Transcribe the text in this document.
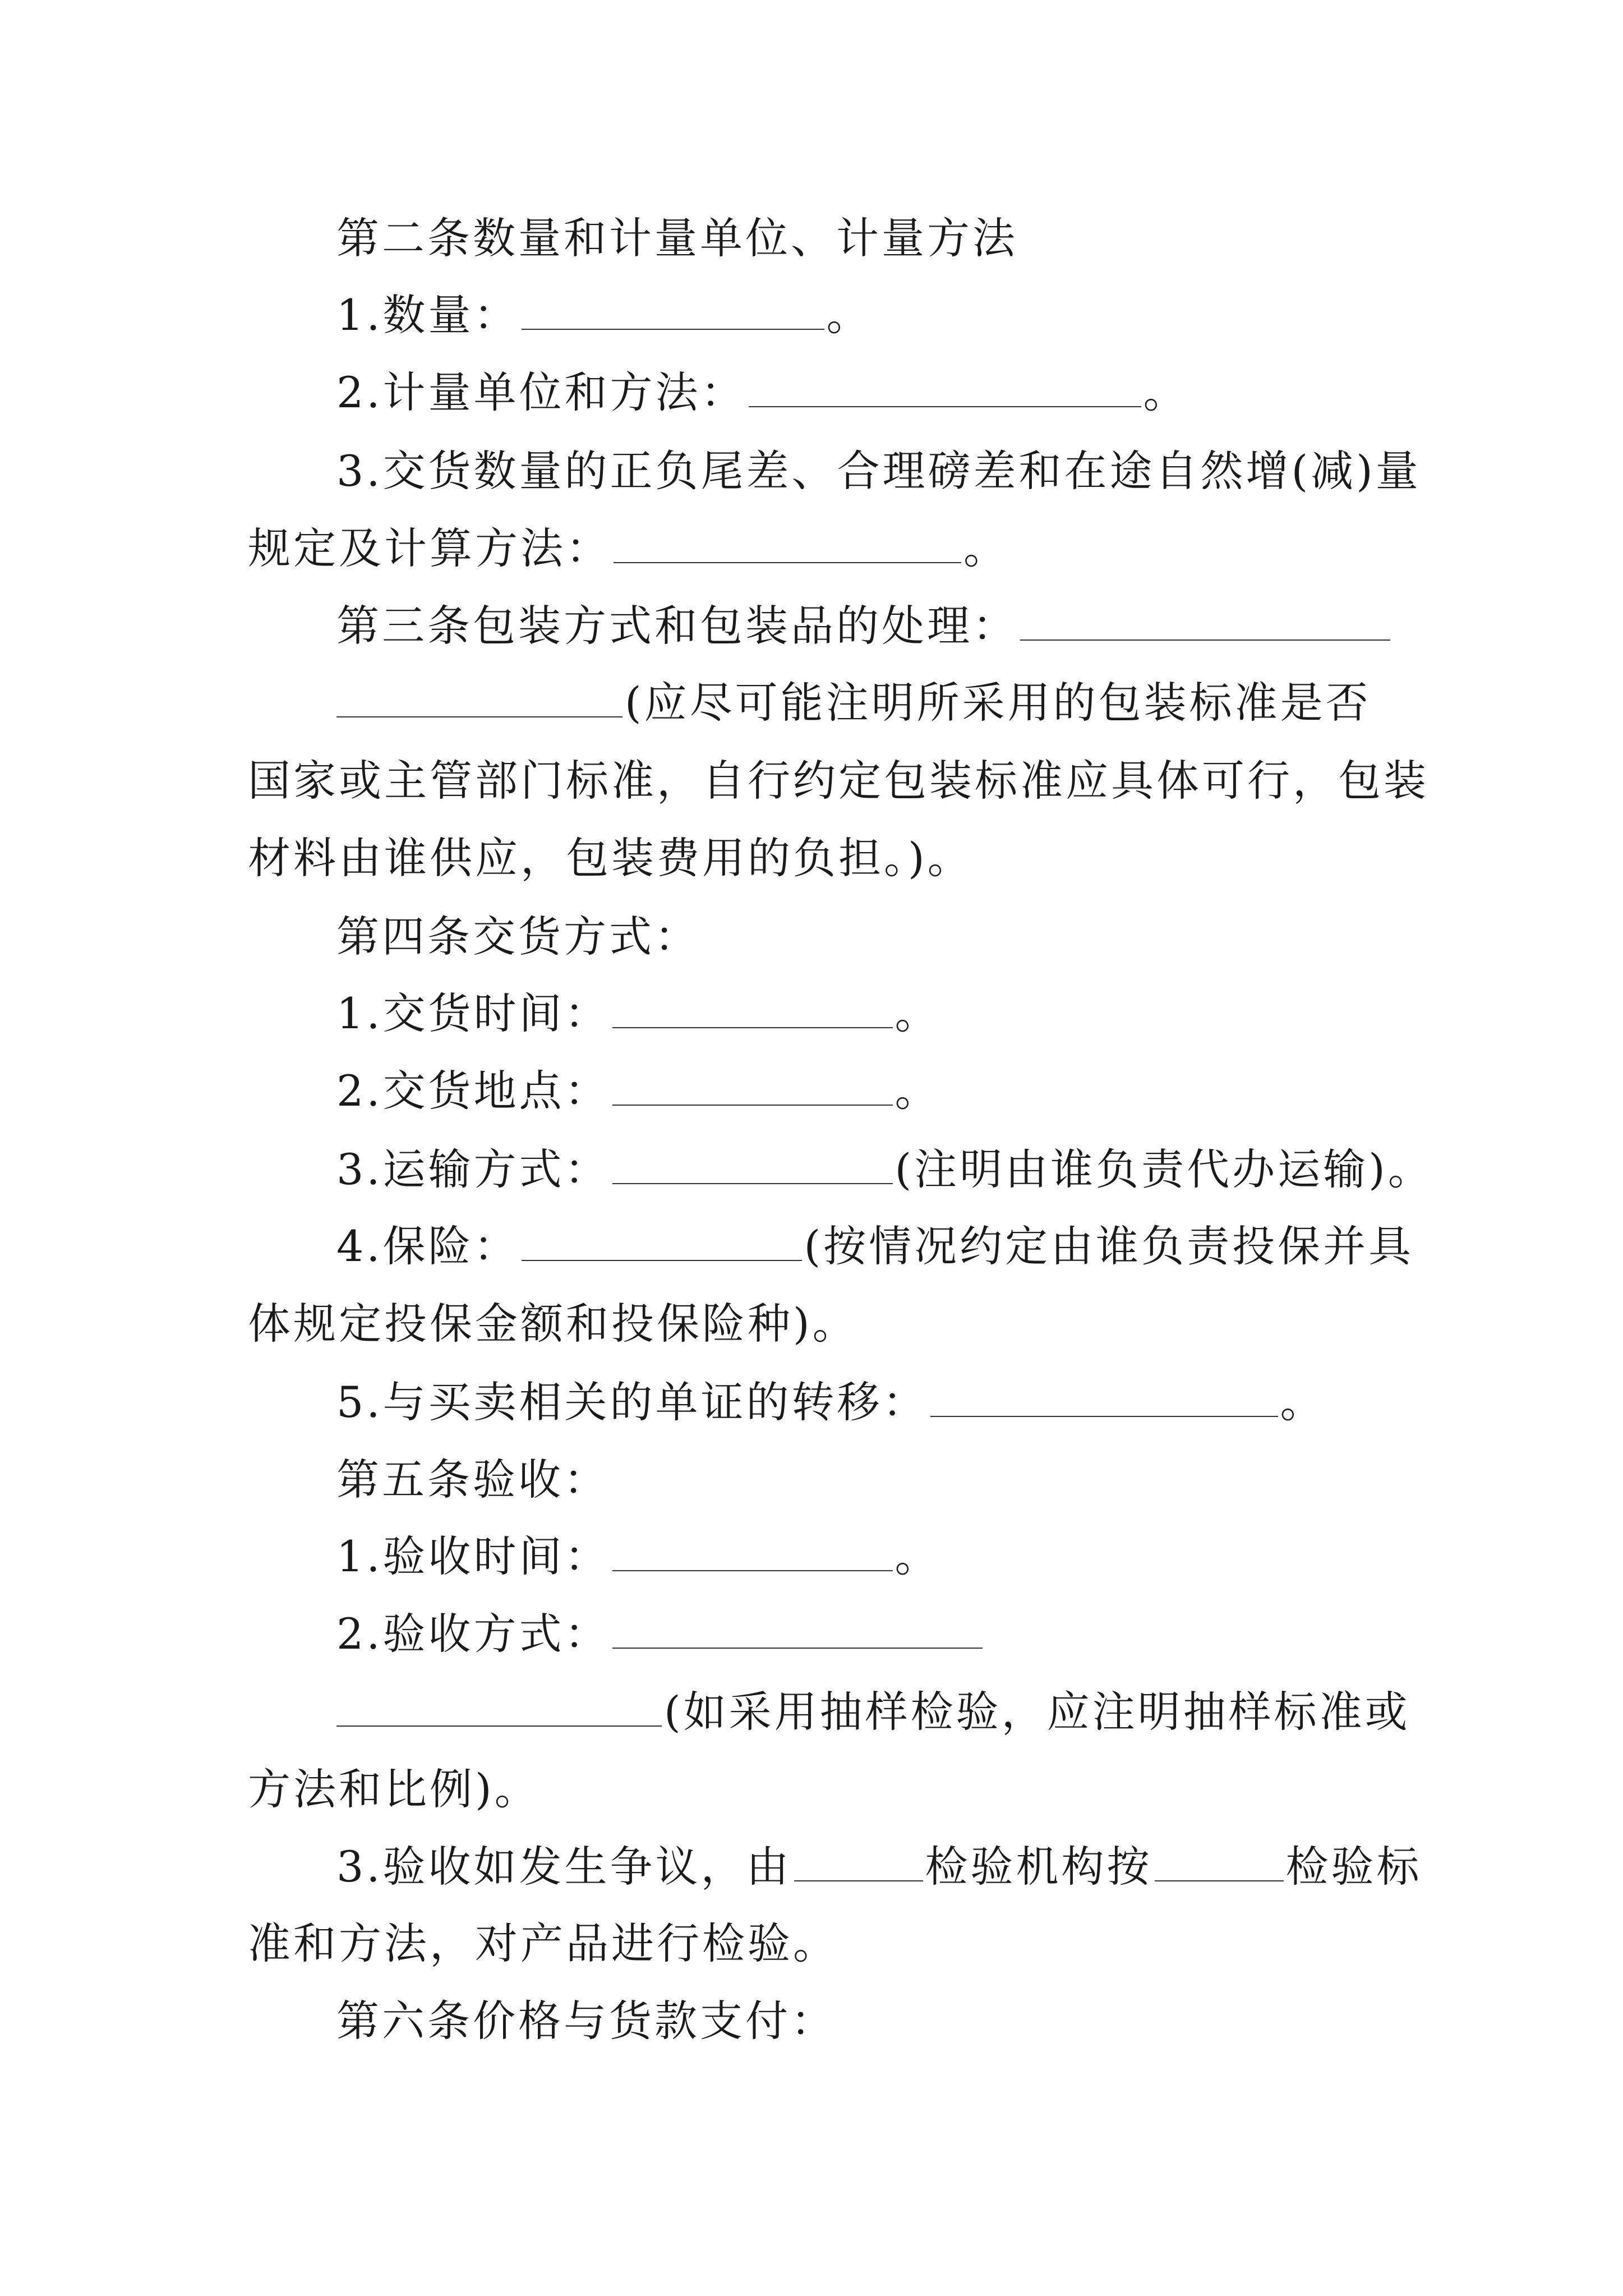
第二条数量和计量单位、计量方法
1.数量：	。
2.计量单位和方法：	。
3.交货数量的正负尾差、合理磅差和在途自然增(减)量
规定及计算方法：	。
第三条包装方式和包装品的处理：
(应尽可能注明所采用的包装标准是否
国家或主管部门标准，自行约定包装标准应具体可行，包装
材料由谁供应，包装费用的负担。)。
第四条交货方式：
1.交货时间：	。
2.交货地点：	。
3.运输方式：	(注明由谁负责代办运输)。
4.保险：	(按情况约定由谁负责投保并具
体规定投保金额和投保险种)。
5.与买卖相关的单证的转移：	。
第五条验收：
1.验收时间：	。
2.验收方式：
(如采用抽样检验，应注明抽样标准或
方法和比例)。
3.验收如发生争议，由	检验机构按	检验标
准和方法，对产品进行检验。
第六条价格与货款支付：
